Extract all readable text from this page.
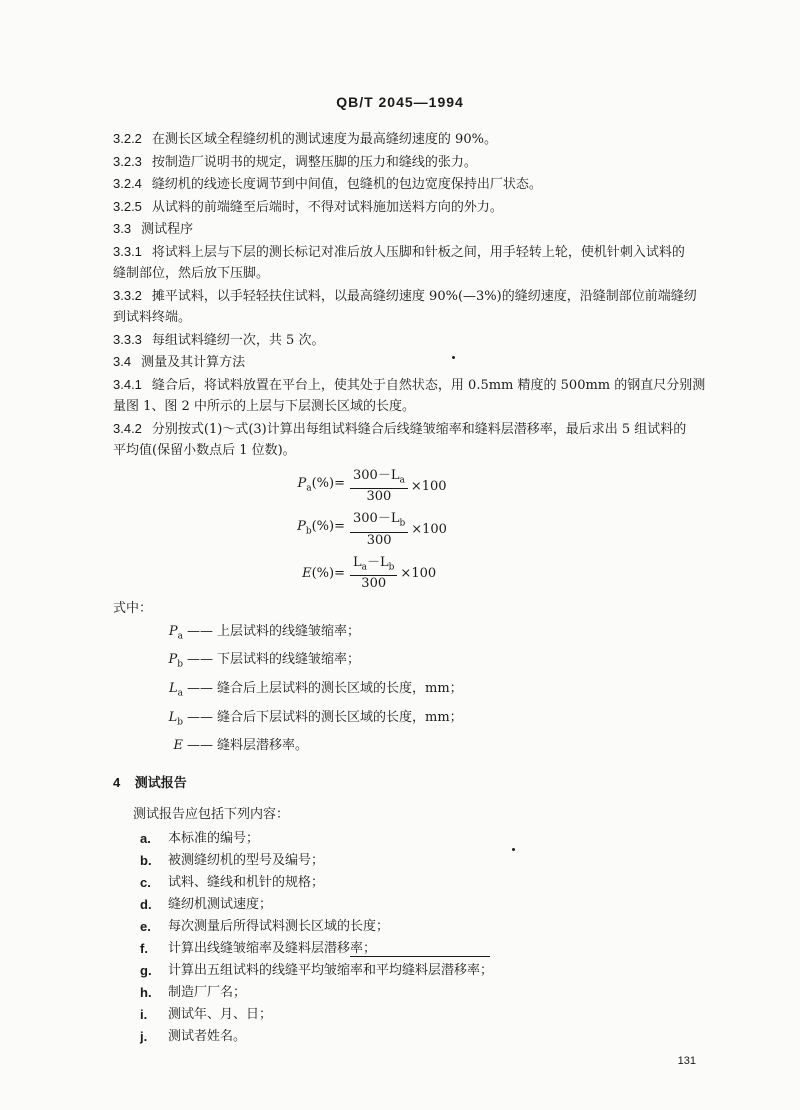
QB/T 2045—1994
3.2.2 在测长区域全程缝纫机的测试速度为最高缝纫速度的 90%。
3.2.3 按制造厂说明书的规定，调整压脚的压力和缝线的张力。
3.2.4 缝纫机的线迹长度调节到中间值，包缝机的包边宽度保持出厂状态。
3.2.5 从试料的前端缝至后端时，不得对试料施加送料方向的外力。
3.3 测试程序
3.3.1 将试料上层与下层的测长标记对准后放人压脚和针板之间，用手轻转上轮，使机针刺入试料的
缝制部位，然后放下压脚。
3.3.2 摊平试料，以手轻轻扶住试料，以最高缝纫速度 90%(—3%)的缝纫速度，沿缝制部位前端缝纫
到试料终端。
3.3.3 每组试料缝纫一次，共 5 次。
3.4 测量及其计算方法
3.4.1 缝合后，将试料放置在平台上，使其处于自然状态，用 0.5mm 精度的 500mm 的钢直尺分别测
量图 1、图 2 中所示的上层与下层测长区域的长度。
3.4.2 分别按式(1)～式(3)计算出每组试料缝合后线缝皱缩率和缝料层潜移率，最后求出 5 组试料的
平均值(保留小数点后 1 位数)。
$P_a(\%)= \frac{300-L_a}{300} \times 100$
$P_b(\%)= \frac{300-L_b}{300} \times 100$
$E(\%)= \frac{L_a-L_b}{300} \times 100$
式中：
$P_a$ —— 上层试料的线缝皱缩率；
$P_b$ —— 下层试料的线缝皱缩率；
$L_a$ —— 缝合后上层试料的测长区域的长度，mm；
$L_b$ —— 缝合后下层试料的测长区域的长度，mm；
E —— 缝料层潜移率。
4 测试报告
测试报告应包括下列内容：
a.	本标准的编号；
b.	被测缝纫机的型号及编号；
c.	试料、缝线和机针的规格；
d.	缝纫机测试速度；
e.	每次测量后所得试料测长区域的长度；
f.	计算出线缝皱缩率及缝料层潜移率；
g.	计算出五组试料的线缝平均皱缩率和平均缝料层潜移率；
h.	制造厂厂名；
i.	测试年、月、日；
j.	测试者姓名。
131
